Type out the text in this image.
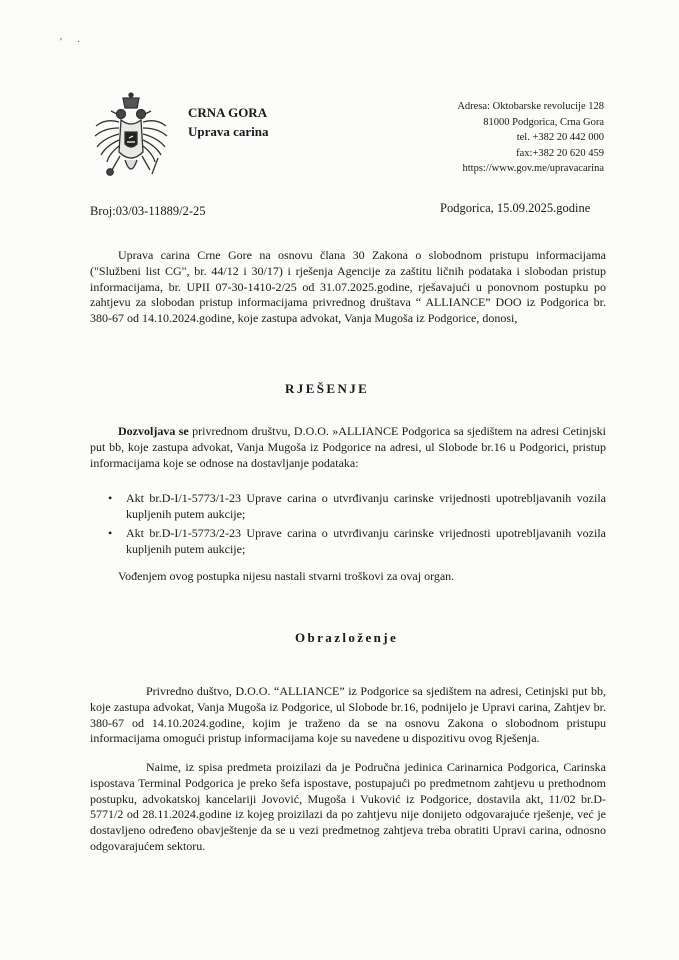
' ·
CRNA GORA
Uprava carina
Adresa: Oktobarske revolucije 128
81000 Podgorica, Crna Gora
tel. +382 20 442 000
fax:+382 20 620 459
https://www.gov.me/upravacarina
Broj:03/03-11889/2-25	Podgorica, 15.09.2025.godine
Uprava carina Crne Gore na osnovu člana 30 Zakona o slobodnom pristupu informacijama ("Službeni list CG", br. 44/12 i 30/17) i rješenja Agencije za zaštitu ličnih podataka i slobodan pristup informacijama, br. UPII 07-30-1410-2/25 od 31.07.2025.godine, rješavajući u ponovnom postupku po zahtjevu za slobodan pristup informacijama privrednog društava “ ALLIANCE” DOO iz Podgorica br. 380-67 od 14.10.2024.godine, koje zastupa advokat, Vanja Mugoša iz Podgorice, donosi,
RJEŠENJE
Dozvoljava se privrednom društvu, D.O.O. »ALLIANCE Podgorica sa sjedištem na adresi Cetinjski put bb, koje zastupa advokat, Vanja Mugoša iz Podgorice na adresi, ul Slobode br.16 u Podgorici, pristup informacijama koje se odnose na dostavljanje podataka:
• Akt br.D-I/1-5773/1-23 Uprave carina o utvrđivanju carinske vrijednosti upotrebljavanih vozila kupljenih putem aukcije;
• Akt br.D-I/1-5773/2-23 Uprave carina o utvrđivanju carinske vrijednosti upotrebljavanih vozila kupljenih putem aukcije;
Vođenjem ovog postupka nijesu nastali stvarni troškovi za ovaj organ.
Obrazloženje
Privredno duštvo, D.O.O. “ALLIANCE” iz Podgorice sa sjedištem na adresi, Cetinjski put bb, koje zastupa advokat, Vanja Mugoša iz Podgorice, ul Slobode br.16, podnijelo je Upravi carina, Zahtjev br. 380-67 od 14.10.2024.godine, kojim je traženo da se na osnovu Zakona o slobodnom pristupu informacijama omogući pristup informacijama koje su navedene u dispozitivu ovog Rješenja.
Naime, iz spisa predmeta proizilazi da je Područna jedinica Carinarnica Podgorica, Carinska ispostava Terminal Podgorica je preko šefa ispostave, postupajući po predmetnom zahtjevu u prethodnom postupku, advokatskoj kancelariji Jovović, Mugoša i Vuković iz Podgorice, dostavila akt, 11/02 br.D-5771/2 od 28.11.2024.godine iz kojeg proizilazi da po zahtjevu nije donijeto odgovarajuće rješenje, već je dostavljeno određeno obavještenje da se u vezi predmetnog zahtjeva treba obratiti Upravi carina, odnosno odgovarajućem sektoru.
